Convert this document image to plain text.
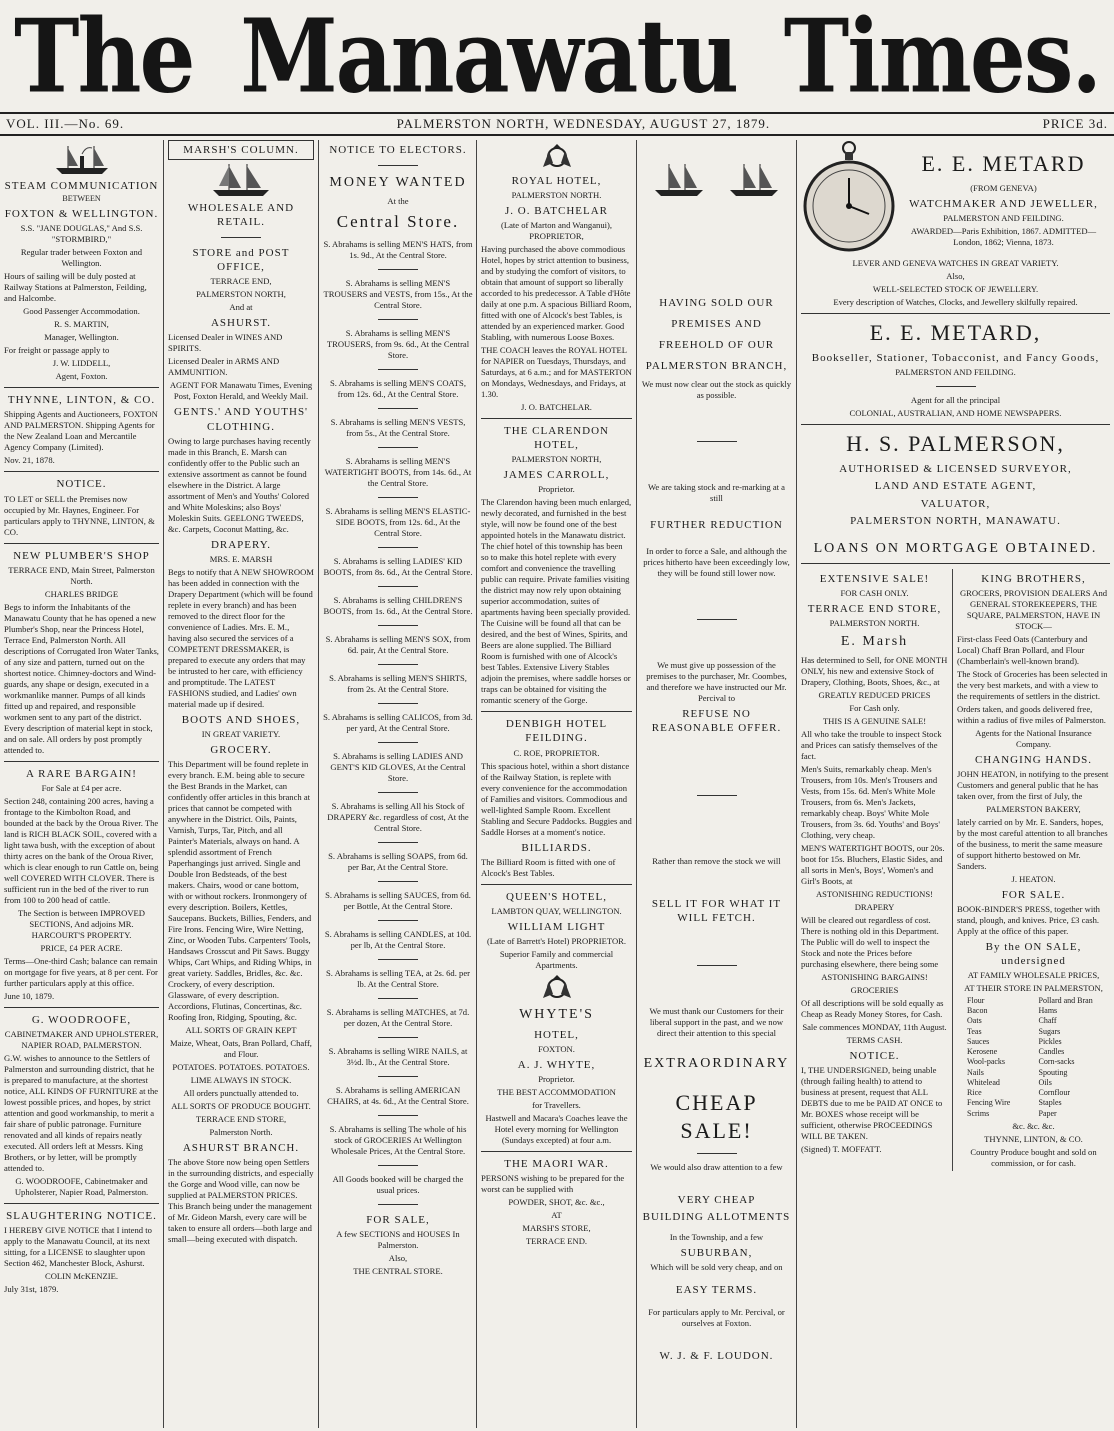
The Manawatu Times.
VOL. III.—No. 69.	PALMERSTON NORTH, WEDNESDAY, AUGUST 27, 1879.	PRICE 3d.
STEAM COMMUNICATION
BETWEEN
FOXTON & WELLINGTON.

S.S. "JANE DOUGLAS," And S.S. "STORMBIRD,"

Regular trader between Foxton and Wellington.

Hours of sailing will be duly posted at Railway Stations at Palmerston, Feilding, and Halcombe.

Good Passenger Accommodation.

R. S. MARTIN,

Manager, Wellington.

For freight or passage apply to

J. W. LIDDELL,

Agent, Foxton.

THYNNE, LINTON, & CO.

Shipping Agents and Auctioneers, FOXTON AND PALMERSTON. Shipping Agents for the New Zealand Loan and Mercantile Agency Company (Limited).

Nov. 21, 1878.

NOTICE.

TO LET or SELL the Premises now occupied by Mr. Haynes, Engineer. For particulars apply to THYNNE, LINTON, & CO.

NEW PLUMBER'S SHOP

TERRACE END, Main Street, Palmerston North.

CHARLES BRIDGE

Begs to inform the Inhabitants of the Manawatu County that he has opened a new Plumber's Shop, near the Princess Hotel, Terrace End, Palmerston North. All descriptions of Corrugated Iron Water Tanks, of any size and pattern, turned out on the shortest notice. Chimney-doctors and Wind-guards, any shape or design, executed in a workmanlike manner. Pumps of all kinds fitted up and repaired, and responsible workmen sent to any part of the district. Every description of material kept in stock, and on sale. All orders by post promptly attended to.

A RARE BARGAIN!

For Sale at £4 per acre.

Section 248, containing 200 acres, having a frontage to the Kimbolton Road, and bounded at the back by the Oroua River. The land is RICH BLACK SOIL, covered with a light tawa bush, with the exception of about thirty acres on the bank of the Oroua River, which is clear enough to run Cattle on, being well COVERED WITH CLOVER. There is sufficient run in the bed of the river to run from 100 to 200 head of cattle.

The Section is between IMPROVED SECTIONS, And adjoins MR. HARCOURT'S PROPERTY.

PRICE, £4 PER ACRE.

Terms—One-third Cash; balance can remain on mortgage for five years, at 8 per cent. For further particulars apply at this office.

June 10, 1879.

G. WOODROOFE,

CABINETMAKER AND UPHOLSTERER, NAPIER ROAD, PALMERSTON.

G.W. wishes to announce to the Settlers of Palmerston and surrounding district, that he is prepared to manufacture, at the shortest notice, ALL KINDS OF FURNITURE at the lowest possible prices, and hopes, by strict attention and good workmanship, to merit a fair share of public patronage. Furniture renovated and all kinds of repairs neatly executed. All orders left at Messrs. King Brothers, or by letter, will be promptly attended to.

G. WOODROOFE, Cabinetmaker and Upholsterer, Napier Road, Palmerston.

SLAUGHTERING NOTICE.

I HEREBY GIVE NOTICE that I intend to apply to the Manawatu Council, at its next sitting, for a LICENSE to slaughter upon Section 462, Manchester Block, Ashurst.

COLIN McKENZIE.

July 31st, 1879.

MARSH'S COLUMN.
WHOLESALE AND RETAIL.
STORE and POST OFFICE,

TERRACE END,

PALMERSTON NORTH,

And at

ASHURST.

Licensed Dealer in WINES AND SPIRITS.

Licensed Dealer in ARMS AND AMMUNITION.

AGENT FOR Manawatu Times, Evening Post, Foxton Herald, and Weekly Mail.

GENTS.' AND YOUTHS' CLOTHING.

Owing to large purchases having recently made in this Branch, E. Marsh can confidently offer to the Public such an extensive assortment as cannot be found elsewhere in the District. A large assortment of Men's and Youths' Colored and White Moleskins; also Boys' Moleskin Suits. GEELONG TWEEDS, &c. Carpets, Coconut Matting, &c.

DRAPERY.

MRS. E. MARSH

Begs to notify that A NEW SHOWROOM has been added in connection with the Drapery Department (which will be found replete in every branch) and has been removed to the direct floor for the convenience of Ladies. Mrs. E. M., having also secured the services of a COMPETENT DRESSMAKER, is prepared to execute any orders that may be intrusted to her care, with efficiency and promptitude. The LATEST FASHIONS studied, and Ladies' own material made up if desired.

BOOTS AND SHOES,

IN GREAT VARIETY.

GROCERY.

This Department will be found replete in every branch. E.M. being able to secure the Best Brands in the Market, can confidently offer articles in this branch at prices that cannot be competed with anywhere in the District. Oils, Paints, Varnish, Turps, Tar, Pitch, and all Painter's Materials, always on hand. A splendid assortment of French Paperhangings just arrived. Single and Double Iron Bedsteads, of the best makers. Chairs, wood or cane bottom, with or without rockers. Ironmongery of every description. Boilers, Kettles, Saucepans. Buckets, Billies, Fenders, and Fire Irons. Fencing Wire, Wire Netting, Zinc, or Wooden Tubs. Carpenters' Tools, Handsaws Crosscut and Pit Saws. Buggy Whips, Cart Whips, and Riding Whips, in great variety. Saddles, Bridles, &c. &c. Crockery, of every description. Glassware, of every description. Accordions, Flutinas, Concertinas, &c. Roofing Iron, Ridging, Spouting, &c.

ALL SORTS OF GRAIN KEPT

Maize, Wheat, Oats, Bran Pollard, Chaff, and Flour.

POTATOES. POTATOES. POTATOES.

LIME ALWAYS IN STOCK.

All orders punctually attended to.

ALL SORTS OF PRODUCE BOUGHT.

TERRACE END STORE,

Palmerston North.

ASHURST BRANCH.

The above Store now being open Settlers in the surrounding districts, and especially the Gorge and Wood ville, can now be supplied at PALMERSTON PRICES. This Branch being under the management of Mr. Gideon Marsh, every care will be taken to ensure all orders—both large and small—being executed with dispatch.

NOTICE TO ELECTORS.
MONEY WANTED

At the

Central Store.

S. Abrahams is selling MEN'S HATS, from 1s. 9d., At the Central Store.

S. Abrahams is selling MEN'S TROUSERS and VESTS, from 15s., At the Central Store.

S. Abrahams is selling MEN'S TROUSERS, from 9s. 6d., At the Central Store.

S. Abrahams is selling MEN'S COATS, from 12s. 6d., At the Central Store.

S. Abrahams is selling MEN'S VESTS, from 5s., At the Central Store.

S. Abrahams is selling MEN'S WATERTIGHT BOOTS, from 14s. 6d., At the Central Store.

S. Abrahams is selling MEN'S ELASTIC-SIDE BOOTS, from 12s. 6d., At the Central Store.

S. Abrahams is selling LADIES' KID BOOTS, from 8s. 6d., At the Central Store.

S. Abrahams is selling CHILDREN'S BOOTS, from 1s. 6d., At the Central Store.

S. Abrahams is selling MEN'S SOX, from 6d. pair, At the Central Store.

S. Abrahams is selling MEN'S SHIRTS, from 2s. At the Central Store.

S. Abrahams is selling CALICOS, from 3d. per yard, At the Central Store.

S. Abrahams is selling LADIES AND GENT'S KID GLOVES, At the Central Store.

S. Abrahams is selling All his Stock of DRAPERY &c. regardless of cost, At the Central Store.

S. Abrahams is selling SOAPS, from 6d. per Bar, At the Central Store.

S. Abrahams is selling SAUCES, from 6d. per Bottle, At the Central Store.

S. Abrahams is selling CANDLES, at 10d. per lb, At the Central Store.

S. Abrahams is selling TEA, at 2s. 6d. per lb. At the Central Store.

S. Abrahams is selling MATCHES, at 7d. per dozen, At the Central Store.

S. Abrahams is selling WIRE NAILS, at 3½d. lb., At the Central Store.

S. Abrahams is selling AMERICAN CHAIRS, at 4s. 6d., At the Central Store.

S. Abrahams is selling The whole of his stock of GROCERIES At Wellington Wholesale Prices, At the Central Store.

All Goods booked will be charged the usual prices.

FOR SALE,

A few SECTIONS and HOUSES In Palmerston.

Also,

THE CENTRAL STORE.

ROYAL HOTEL,

PALMERSTON NORTH.

J. O. BATCHELAR

(Late of Marton and Wanganui), PROPRIETOR,

Having purchased the above commodious Hotel, hopes by strict attention to business, and by studying the comfort of visitors, to obtain that amount of support so liberally accorded to his predecessor. A Table d'Hôte daily at one p.m. A spacious Billiard Room, fitted with one of Alcock's best Tables, is attended by an experienced marker. Good Stabling, with numerous Loose Boxes.

THE COACH leaves the ROYAL HOTEL for NAPIER on Tuesdays, Thursdays, and Saturdays, at 6 a.m.; and for MASTERTON on Mondays, Wednesdays, and Fridays, at 1.30.

J. O. BATCHELAR.

THE CLARENDON HOTEL,

PALMERSTON NORTH,

JAMES CARROLL,

Proprietor.

The Clarendon having been much enlarged, newly decorated, and furnished in the best style, will now be found one of the best appointed hotels in the Manawatu district. The chief hotel of this township has been so to make this hotel replete with every comfort and convenience the travelling public can require. Private families visiting the district may now rely upon obtaining superior accommodation, suites of apartments having been specially provided. The Cuisine will be found all that can be desired, and the best of Wines, Spirits, and Beers are alone supplied. The Billiard Room is furnished with one of Alcock's best Tables. Extensive Livery Stables adjoin the premises, where saddle horses or traps can be obtained for visiting the romantic scenery of the Gorge.

DENBIGH HOTEL FEILDING.

C. ROE, PROPRIETOR.

This spacious hotel, within a short distance of the Railway Station, is replete with every convenience for the accommodation of Families and visitors. Commodious and well-lighted Sample Room. Excellent Stabling and Secure Paddocks. Buggies and Saddle Horses at a moment's notice.

BILLIARDS.

The Billiard Room is fitted with one of Alcock's Best Tables.

QUEEN'S HOTEL,

LAMBTON QUAY, WELLINGTON.

WILLIAM LIGHT

(Late of Barrett's Hotel) PROPRIETOR.

Superior Family and commercial Apartments.

WHYTE'S
HOTEL,

FOXTON.

A. J. WHYTE,

Proprietor.

THE BEST ACCOMMODATION

for Travellers.

Hastwell and Macara's Coaches leave the Hotel every morning for Wellington (Sundays excepted) at four a.m.

THE MAORI WAR.

PERSONS wishing to be prepared for the worst can be supplied with

POWDER, SHOT, &c. &c.,

AT

MARSH'S STORE,

TERRACE END.

HAVING SOLD OUR PREMISES AND FREEHOLD OF OUR PALMERSTON BRANCH,

We must now clear out the stock as quickly as possible.

We are taking stock and re-marking at a still

FURTHER REDUCTION

In order to force a Sale, and although the prices hitherto have been exceedingly low, they will be found still lower now.

We must give up possession of the premises to the purchaser, Mr. Coombes, and therefore we have instructed our Mr. Percival to

REFUSE NO REASONABLE OFFER.

Rather than remove the stock we will

SELL IT FOR WHAT IT WILL FETCH.

We must thank our Customers for their liberal support in the past, and we now direct their attention to this special

EXTRAORDINARY
CHEAP SALE!

We would also draw attention to a few

VERY CHEAP
BUILDING ALLOTMENTS

In the Township, and a few

SUBURBAN,

Which will be sold very cheap, and on

EASY TERMS.

For particulars apply to Mr. Percival, or ourselves at Foxton.

W. J. & F. LOUDON.
E. E. METARD

(FROM GENEVA)

WATCHMAKER AND JEWELLER,

PALMERSTON AND FEILDING.

AWARDED—Paris Exhibition, 1867. ADMITTED—London, 1862; Vienna, 1873.

LEVER AND GENEVA WATCHES IN GREAT VARIETY.

Also,

WELL-SELECTED STOCK OF JEWELLERY.

Every description of Watches, Clocks, and Jewellery skilfully repaired.

E. E. METARD,
Bookseller, Stationer, Tobacconist, and Fancy Goods,

PALMERSTON AND FEILDING.

Agent for all the principal

COLONIAL, AUSTRALIAN, AND HOME NEWSPAPERS.

H. S. PALMERSON,
AUTHORISED & LICENSED SURVEYOR,
LAND AND ESTATE AGENT,
VALUATOR,
PALMERSTON NORTH, MANAWATU.
LOANS ON MORTGAGE OBTAINED.
EXTENSIVE SALE!

FOR CASH ONLY.

TERRACE END STORE,

PALMERSTON NORTH.

E. Marsh

Has determined to Sell, for ONE MONTH ONLY, his new and extensive Stock of Drapery, Clothing, Boots, Shoes, &c., at

GREATLY REDUCED PRICES

For Cash only.

THIS IS A GENUINE SALE!

All who take the trouble to inspect Stock and Prices can satisfy themselves of the fact.

Men's Suits, remarkably cheap. Men's Trousers, from 10s. Men's Trousers and Vests, from 15s. 6d. Men's White Mole Trousers, from 6s. Men's Jackets, remarkably cheap. Boys' White Mole Trousers, from 3s. 6d. Youths' and Boys' Clothing, very cheap.

MEN'S WATERTIGHT BOOTS, our 20s. boot for 15s. Bluchers, Elastic Sides, and all sorts in Men's, Boys', Women's and Girl's Boots, at

ASTONISHING REDUCTIONS!

DRAPERY

Will be cleared out regardless of cost. There is nothing old in this Department. The Public will do well to inspect the Stock and note the Prices before purchasing elsewhere, there being some

ASTONISHING BARGAINS!

GROCERIES

Of all descriptions will be sold equally as Cheap as Ready Money Stores, for Cash.

Sale commences MONDAY, 11th August.

TERMS CASH.

NOTICE.

I, THE UNDERSIGNED, being unable (through failing health) to attend to business at present, request that ALL DEBTS due to me be PAID AT ONCE to Mr. BOXES whose receipt will be sufficient, otherwise PROCEEDINGS WILL BE TAKEN.

(Signed) T. MOFFATT.

KING BROTHERS,

GROCERS, PROVISION DEALERS And GENERAL STOREKEEPERS, THE SQUARE, PALMERSTON, HAVE IN STOCK—

First-class Feed Oats (Canterbury and Local) Chaff Bran Pollard, and Flour (Chamberlain's well-known brand).

The Stock of Groceries has been selected in the very best markets, and with a view to the requirements of settlers in the district.

Orders taken, and goods delivered free, within a radius of five miles of Palmerston.

Agents for the National Insurance Company.

CHANGING HANDS.

JOHN HEATON, in notifying to the present Customers and general public that he has taken over, from the first of July, the

PALMERSTON BAKERY,

lately carried on by Mr. E. Sanders, hopes, by the most careful attention to all branches of the business, to merit the same measure of support hitherto bestowed on Mr. Sanders.

J. HEATON.

FOR SALE.

BOOK-BINDER'S PRESS, together with stand, plough, and knives. Price, £3 cash. Apply at the office of this paper.

By the ON SALE, undersigned

AT FAMILY WHOLESALE PRICES,

AT THEIR STORE IN PALMERSTON,

Flour	Pollard and Bran
Bacon	Hams
Oats	Chaff
Teas	Sugars
Sauces	Pickles
Kerosene	Candles
Wool-packs	Corn-sacks
Nails	Spouting
Whitelead	Oils
Rice	Cornflour
Fencing Wire	Staples
Scrims	Paper

&c. &c. &c.

THYNNE, LINTON, & CO.

Country Produce bought and sold on commission, or for cash.
